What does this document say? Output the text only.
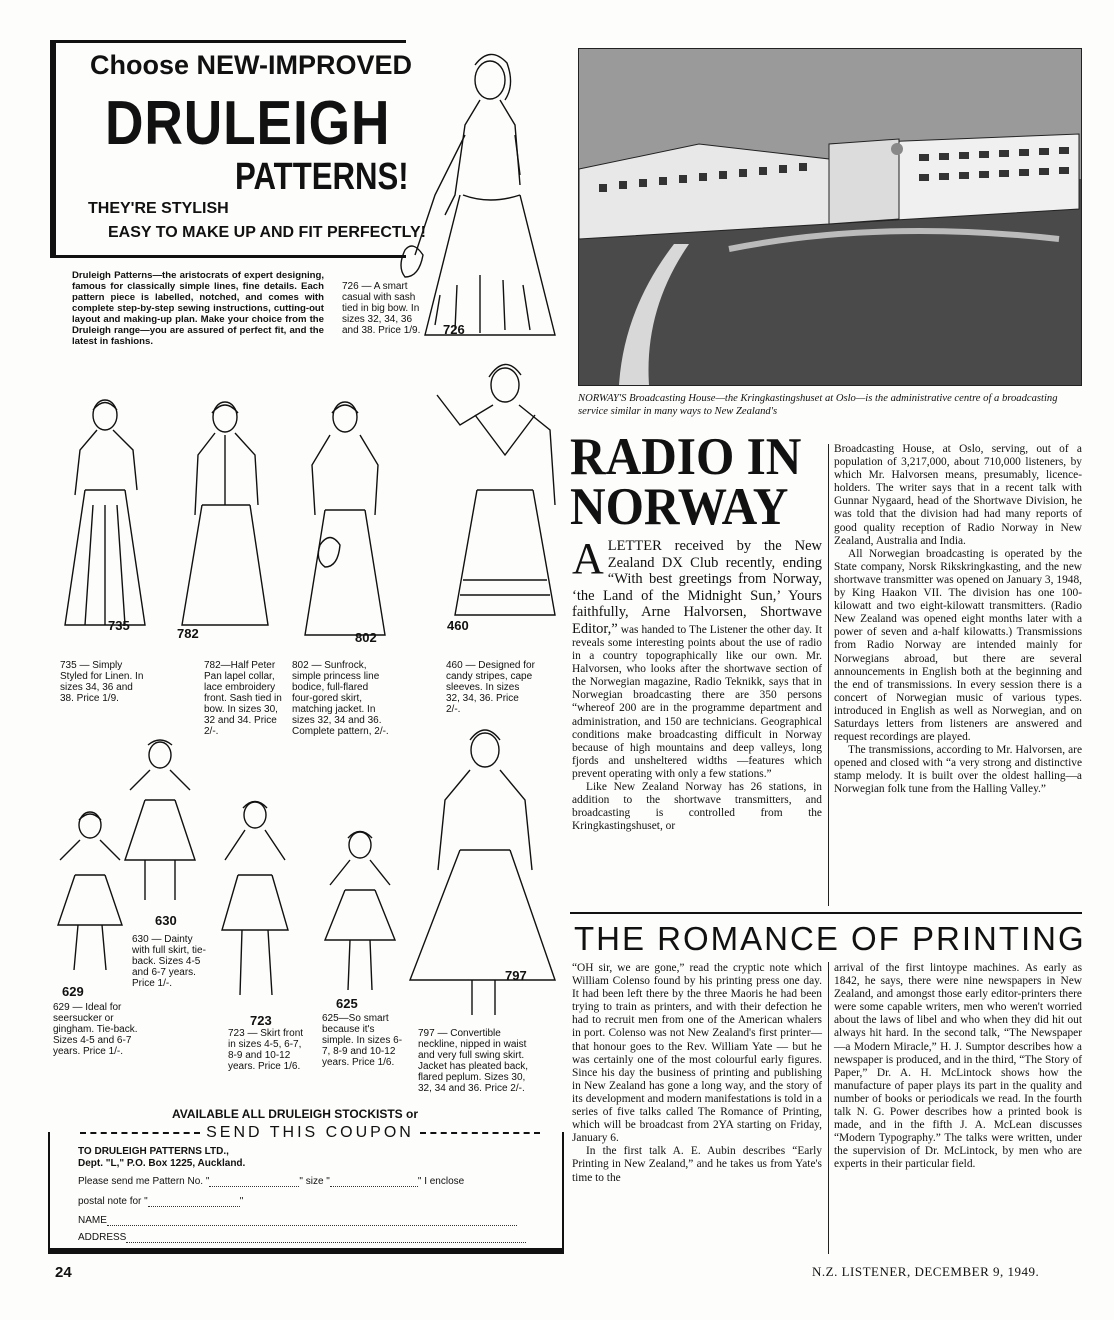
Choose NEW-IMPROVED
DRULEIGH
PATTERNS!
THEY'RE STYLISH
EASY TO MAKE UP AND FIT PERFECTLY!
Druleigh Patterns—the aristocrats of expert designing, famous for classically simple lines, fine details. Each pattern piece is labelled, notched, and comes with complete step-by-step sewing instructions, cutting-out layout and making-up plan. Make your choice from the Druleigh range—you are assured of perfect fit, and the latest in fashions.
726 — A smart casual with sash tied in big bow. In sizes 32, 34, 36 and 38. Price 1/9.	726
735
735 — Simply Styled for Linen. In sizes 34, 36 and 38. Price 1/9.
782
782—Half Peter Pan lapel collar, lace embroidery front. Sash tied in bow. In sizes 30, 32 and 34. Price 2/-.
802
802 — Sunfrock, simple princess line bodice, full-flared four-gored skirt, matching jacket. In sizes 32, 34 and 36. Complete pattern, 2/-.
460
460 — Designed for candy stripes, cape sleeves. In sizes 32, 34, 36. Price 2/-.
630
630 — Dainty with full skirt, tie-back. Sizes 4-5 and 6-7 years. Price 1/-.
629
629 — Ideal for seersucker or gingham. Tie-back. Sizes 4-5 and 6-7 years. Price 1/-.
723
723 — Skirt front in sizes 4-5, 6-7, 8-9 and 10-12 years. Price 1/6.
625
625—So smart because it's simple. In sizes 6-7, 8-9 and 10-12 years. Price 1/6.
797
797 — Convertible neckline, nipped in waist and very full swing skirt. Jacket has pleated back, flared peplum. Sizes 30, 32, 34 and 36. Price 2/-.
AVAILABLE ALL DRULEIGH STOCKISTS or
SEND THIS COUPON
TO DRULEIGH PATTERNS LTD.,
Dept. "L," P.O. Box 1225, Auckland.
Please send me Pattern No. "	" size "	" I enclose
postal note for "	"
NAME
ADDRESS
NORWAY'S Broadcasting House—the Kringkastingshuset at Oslo—is the administrative centre of a broadcasting service similar in many ways to New Zealand's
RADIO IN
NORWAY
ALETTER received by the New Zealand DX Club recently, ending “With best greetings from Norway, ‘the Land of the Midnight Sun,’ Yours faithfully, Arne Halvorsen, Shortwave Editor,” was handed to The Listener the other day. It reveals some interesting points about the use of radio in a country topographically like our own. Mr. Halvorsen, who looks after the shortwave section of the Norwegian magazine, Radio Teknikk, says that in Norwegian broadcasting there are 350 persons “whereof 200 are in the programme department and administration, and 150 are technicians. Geographical conditions make broadcasting difficult in Norway because of high mountains and deep valleys, long fjords and unsheltered widths —features which prevent operating with only a few stations.”
Like New Zealand Norway has 26 stations, in addition to the shortwave transmitters, and broadcasting is controlled from the Kringkastingshuset, or
Broadcasting House, at Oslo, serving, out of a population of 3,217,000, about 710,000 listeners, by which Mr. Halvorsen means, presumably, licence-holders. The writer says that in a recent talk with Gunnar Nygaard, head of the Shortwave Division, he was told that the division had had many reports of good quality reception of Radio Norway in New Zealand, Australia and India.
All Norwegian broadcasting is operated by the State company, Norsk Rikskringkasting, and the new shortwave transmitter was opened on January 3, 1948, by King Haakon VII. The division has one 100-kilowatt and two eight-kilowatt transmitters. (Radio New Zealand was opened eight months later with a power of seven and a-half kilowatts.) Transmissions from Radio Norway are intended mainly for Norwegians abroad, but there are several announcements in English both at the beginning and the end of transmissions. In every session there is a concert of Norwegian music of various types. introduced in English as well as Norwegian, and on Saturdays letters from listeners are answered and request recordings are played.
The transmissions, according to Mr. Halvorsen, are opened and closed with “a very strong and distinctive stamp melody. It is built over the oldest halling—a Norwegian folk tune from the Halling Valley.”
THE ROMANCE OF PRINTING
“OH sir, we are gone,” read the cryptic note which William Colenso found by his printing press one day. It had been left there by the three Maoris he had been trying to train as printers, and with their defection he had to recruit men from one of the American whalers in port. Colenso was not New Zealand's first printer—that honour goes to the Rev. William Yate — but he was certainly one of the most colourful early figures. Since his day the business of printing and publishing in New Zealand has gone a long way, and the story of its development and modern manifestations is told in a series of five talks called The Romance of Printing, which will be broadcast from 2YA starting on Friday, January 6.
In the first talk A. E. Aubin describes “Early Printing in New Zealand,” and he takes us from Yate's time to the
arrival of the first lintoype machines. As early as 1842, he says, there were nine newspapers in New Zealand, and amongst those early editor-printers there were some capable writers, men who weren't worried about the laws of libel and who when they did hit out always hit hard. In the second talk, “The Newspaper—a Modern Miracle,” H. J. Sumptor describes how a newspaper is produced, and in the third, “The Story of Paper,” Dr. A. H. McLintock shows how the manufacture of paper plays its part in the quality and number of books or periodicals we read. In the fourth talk N. G. Power describes how a printed book is made, and in the fifth J. A. McLean discusses “Modern Typography.” The talks were written, under the supervision of Dr. McLintock, by men who are experts in their particular field.
24	N.Z. LISTENER, DECEMBER 9, 1949.
